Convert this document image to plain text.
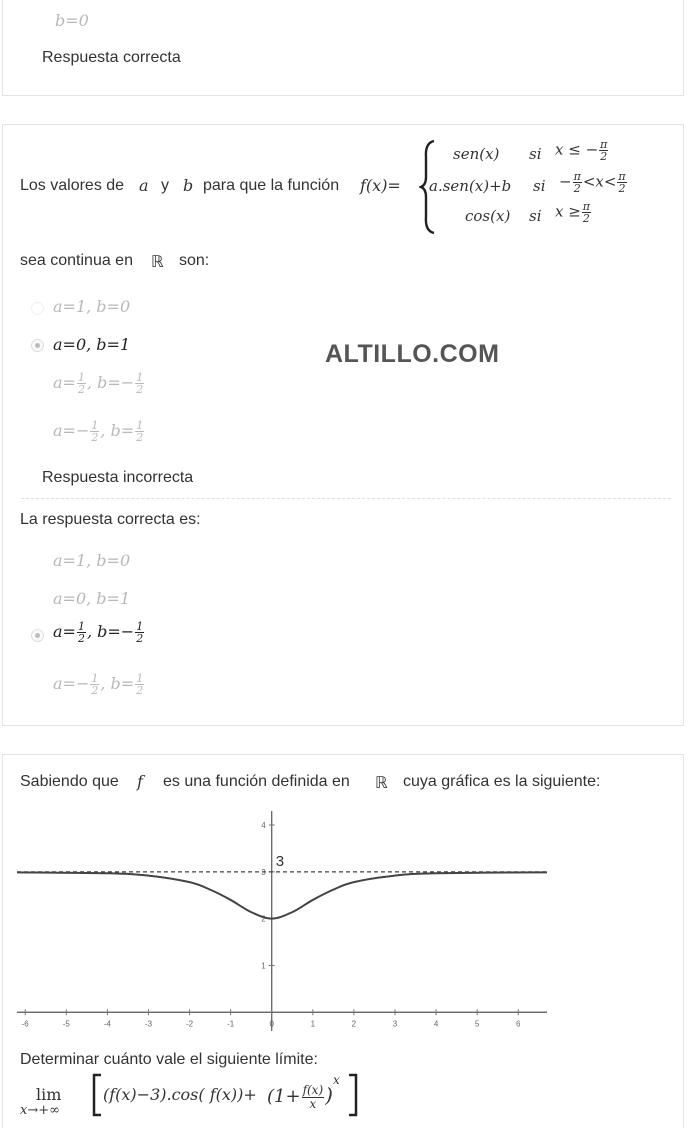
b=0
Respuesta correcta
Los valores de a y b para que la función f(x)=
sen(x) si x ≤ − $\frac{\pi}{2}$
a.sen(x)+b si − $\frac{\pi}{2} <x< \frac{\pi}{2}$
cos(x) si $x \ge \frac{\pi}{2}$
sea continua en ℝ son:
a=1, b=0
a=0, b=1
$a= \frac{1}{2}$ , $b=- \frac{1}{2}$
$a=- \frac{1}{2}$ , $b= \frac{1}{2}$
Respuesta incorrecta
La respuesta correcta es:
a=1, b=0
a=0, b=1
$a= \frac{1}{2}$ , $b=- \frac{1}{2}$
$a=- \frac{1}{2}$ , $b= \frac{1}{2}$
ALTILLO.COM
Sabiendo que f es una función definida en ℝ cuya gráfica es la siguiente:
-6	-5	-4	-3	-2	-1	0	1	2	3	4	5	6
1
2
3
4
3
Determinar cuánto vale el siguiente límite:
lim
x→+∞
(f(x)−3).cos( $f(x))+ (1+ \frac{f(x)}{x} )^x$
